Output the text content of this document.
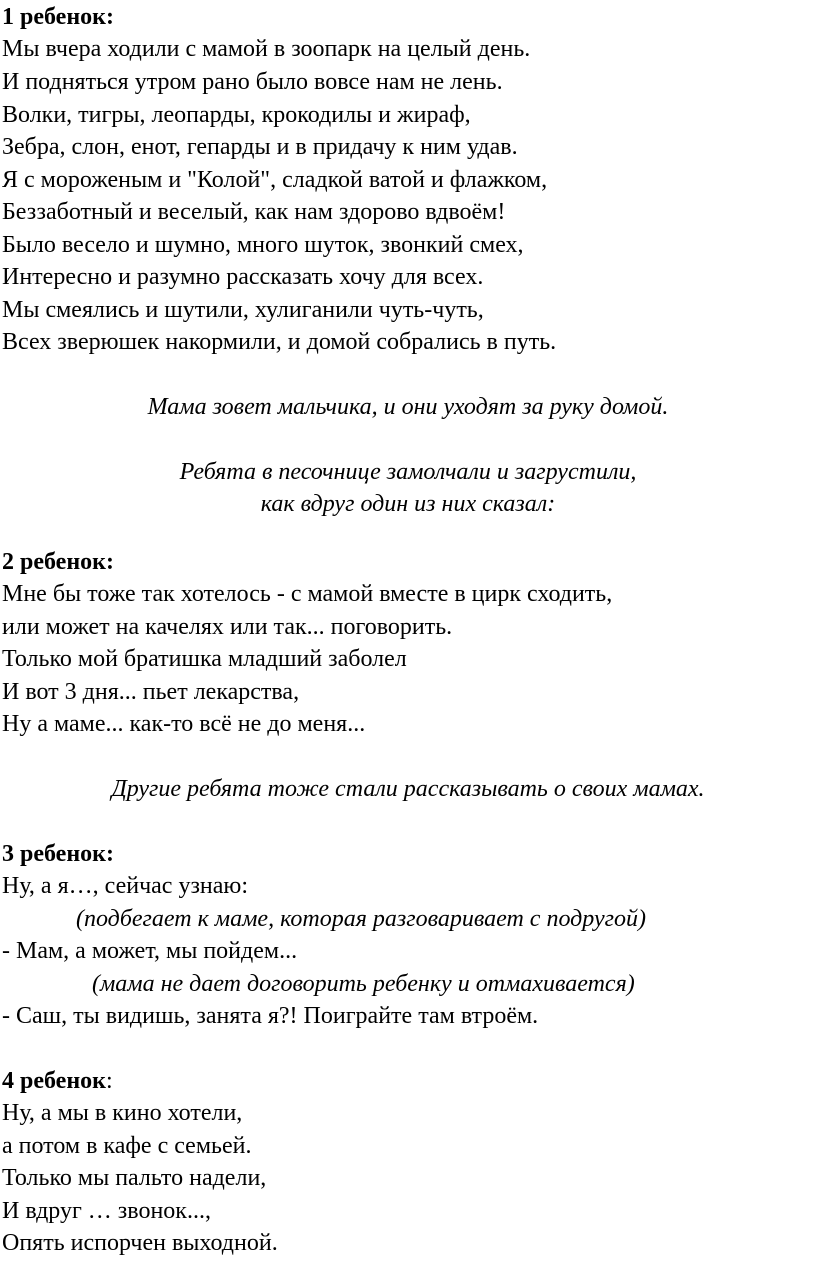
1 ребенок:
Мы вчера ходили с мамой в зоопарк на целый день.
И подняться утром рано было вовсе нам не лень.
Волки, тигры, леопарды, крокодилы и жираф,
Зебра, слон, енот, гепарды и в придачу к ним удав.
Я с мороженым и "Колой", сладкой ватой и флажком,
Беззаботный и веселый, как нам здорово вдвоём!
Было весело и шумно, много шуток, звонкий смех,
Интересно и разумно рассказать хочу для всех.
Мы смеялись и шутили, хулиганили чуть-чуть,
Всех зверюшек накормили, и домой собрались в путь.
Мама зовет мальчика, и они уходят за руку домой.
Ребята в песочнице замолчали и загрустили,
как вдруг один из них сказал:
2 ребенок:
Мне бы тоже так хотелось - с мамой вместе в цирк сходить,
или может на качелях или так... поговорить.
Только мой братишка младший заболел
И вот 3 дня... пьет лекарства,
Ну а маме... как-то всё не до меня...
Другие ребята тоже стали рассказывать о своих мамах.
3 ребенок:
Ну, а я…, сейчас узнаю:
(подбегает к маме, которая разговаривает с подругой)
- Мам, а может, мы пойдем...
(мама не дает договорить ребенку и отмахивается)
- Саш, ты видишь, занята я?! Поиграйте там втроём.
4 ребенок:
Ну, а мы в кино хотели,
а потом в кафе с семьей.
Только мы пальто надели,
И вдруг … звонок...,
Опять испорчен выходной.
